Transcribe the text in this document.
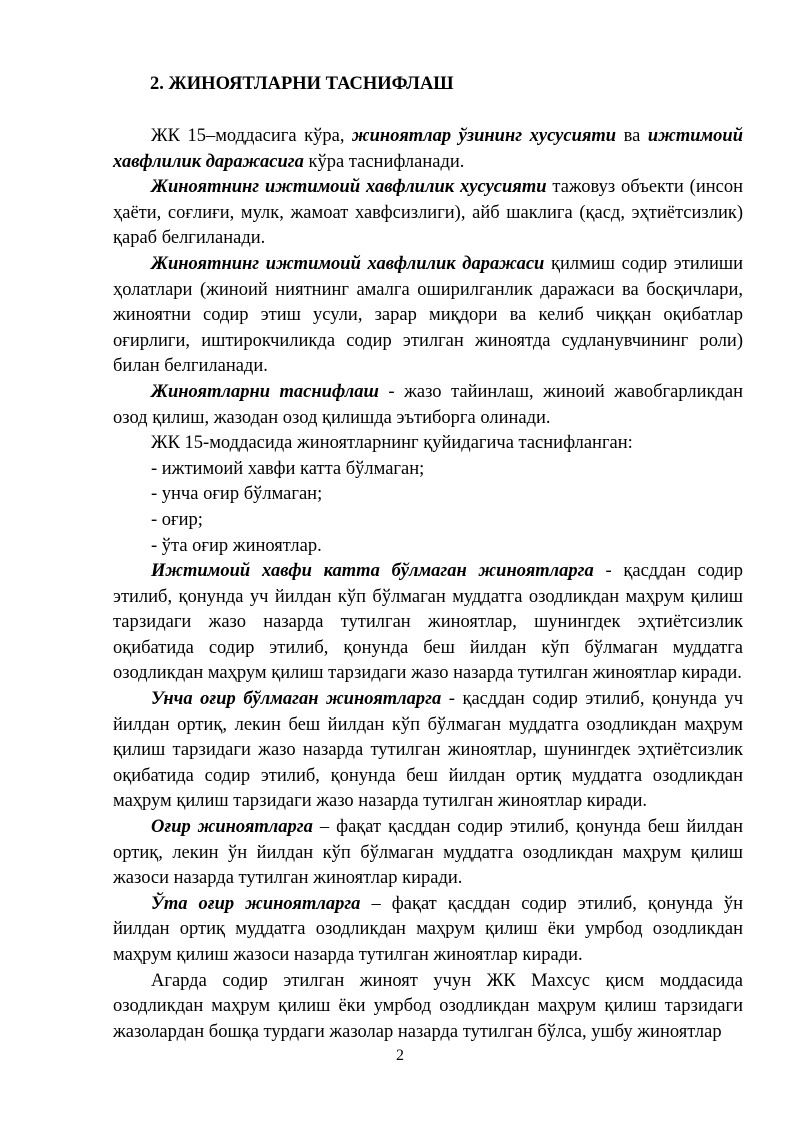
2. ЖИНОЯТЛАРНИ ТАСНИФЛАШ

ЖК 15–моддасига кўра, жиноятлар ўзининг хусусияти ва ижтимоий хавфлилик даражасига кўра таснифланади.

Жиноятнинг ижтимоий хавфлилик хусусияти тажовуз объекти (инсон ҳаёти, соғлиғи, мулк, жамоат хавфсизлиги), айб шаклига (қасд, эҳтиётсизлик) қараб белгиланади.

Жиноятнинг ижтимоий хавфлилик даражаси қилмиш содир этилиши ҳолатлари (жиноий ниятнинг амалга оширилганлик даражаси ва босқичлари, жиноятни содир этиш усули, зарар миқдори ва келиб чиққан оқибатлар оғирлиги, иштирокчиликда содир этилган жиноятда судланувчининг роли) билан белгиланади.

Жиноятларни таснифлаш - жазо тайинлаш, жиноий жавобгарликдан озод қилиш, жазодан озод қилишда эътиборга олинади.

ЖК 15-моддасида жиноятларнинг қуйидагича таснифланган:

- ижтимоий хавфи катта бўлмаган;

- унча оғир бўлмаган;

- оғир;

- ўта оғир жиноятлар.

Ижтимоий хавфи катта бўлмаган жиноятларга - қасддан содир этилиб, қонунда уч йилдан кўп бўлмаган муддатга озодликдан маҳрум қилиш тарзидаги жазо назарда тутилган жиноятлар, шунингдек эҳтиётсизлик оқибатида содир этилиб, қонунда беш йилдан кўп бўлмаган муддатга озодликдан маҳрум қилиш тарзидаги жазо назарда тутилган жиноятлар киради.

Унча оғир бўлмаган жиноятларга - қасддан содир этилиб, қонунда уч йилдан ортиқ, лекин беш йилдан кўп бўлмаган муддатга озодликдан маҳрум қилиш тарзидаги жазо назарда тутилган жиноятлар, шунингдек эҳтиётсизлик оқибатида содир этилиб, қонунда беш йилдан ортиқ муддатга озодликдан маҳрум қилиш тарзидаги жазо назарда тутилган жиноятлар киради.

Оғир жиноятларга – фақат қасддан содир этилиб, қонунда беш йилдан ортиқ, лекин ўн йилдан кўп бўлмаган муддатга озодликдан маҳрум қилиш жазоси назарда тутилган жиноятлар киради.

Ўта оғир жиноятларга – фақат қасддан содир этилиб, қонунда ўн йилдан ортиқ муддатга озодликдан маҳрум қилиш ёки умрбод озодликдан маҳрум қилиш жазоси назарда тутилган жиноятлар киради.

Агарда содир этилган жиноят учун ЖК Махсус қисм моддасида озодликдан маҳрум қилиш ёки умрбод озодликдан маҳрум қилиш тарзидаги жазолардан бошқа турдаги жазолар назарда тутилган бўлса, ушбу жиноятлар

2
